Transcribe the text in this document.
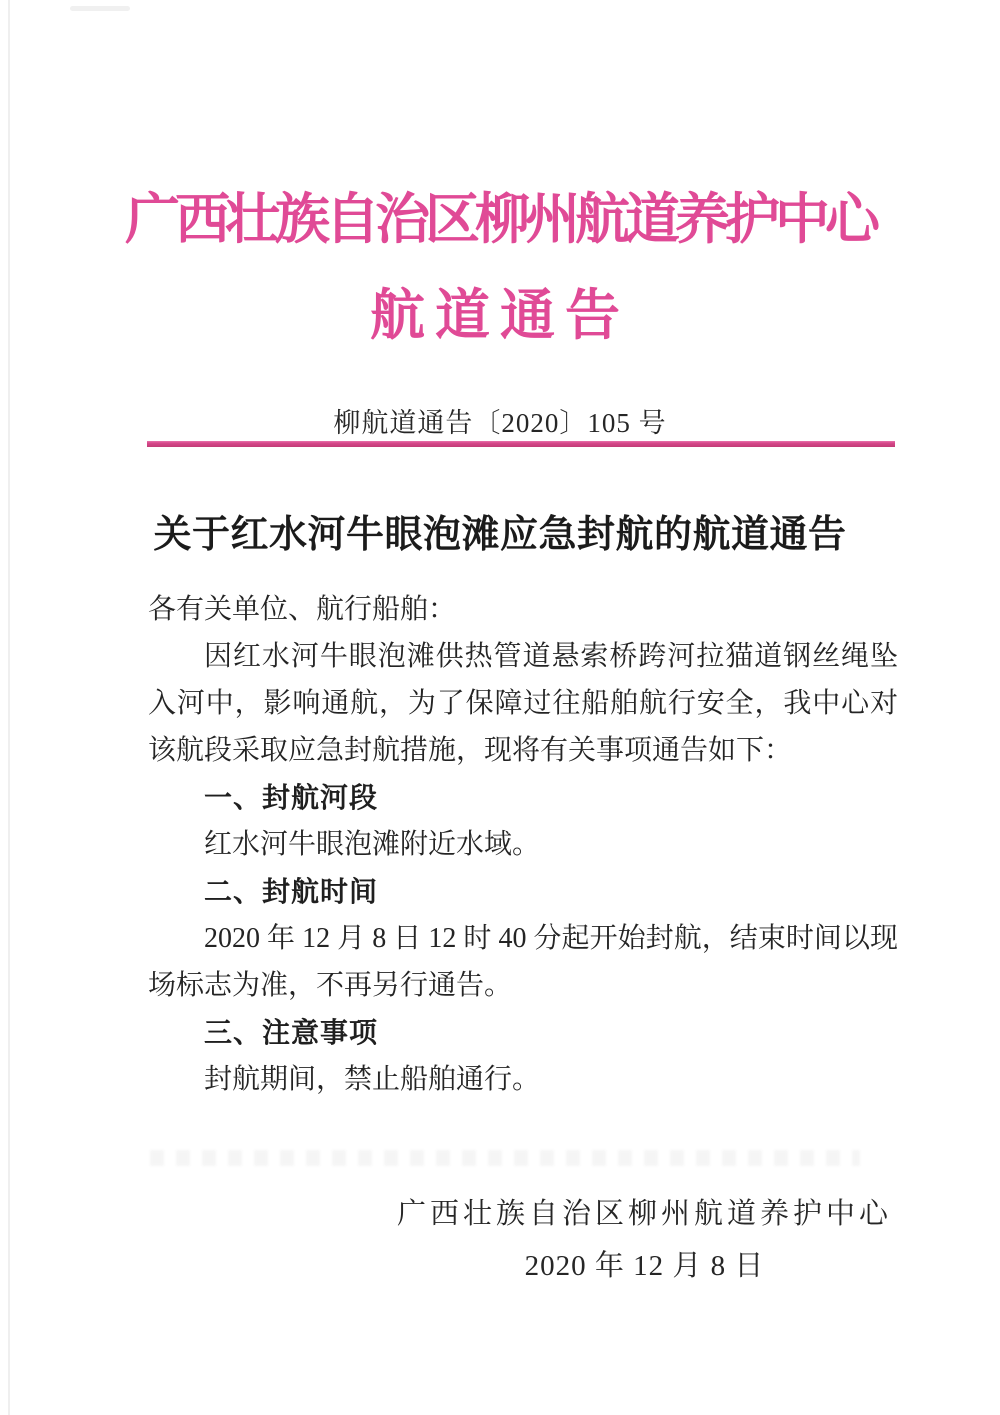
广西壮族自治区柳州航道养护中心
航道通告
柳航道通告〔2020〕105 号
关于红水河牛眼泡滩应急封航的航道通告

各有关单位、航行船舶：

因红水河牛眼泡滩供热管道悬索桥跨河拉猫道钢丝绳坠入河中，影响通航，为了保障过往船舶航行安全，我中心对该航段采取应急封航措施，现将有关事项通告如下：

一、封航河段

红水河牛眼泡滩附近水域。

二、封航时间

2020 年 12 月 8 日 12 时 40 分起开始封航，结束时间以现场标志为准，不再另行通告。

三、注意事项

封航期间，禁止船舶通行。

广西壮族自治区柳州航道养护中心
2020 年 12 月 8 日
